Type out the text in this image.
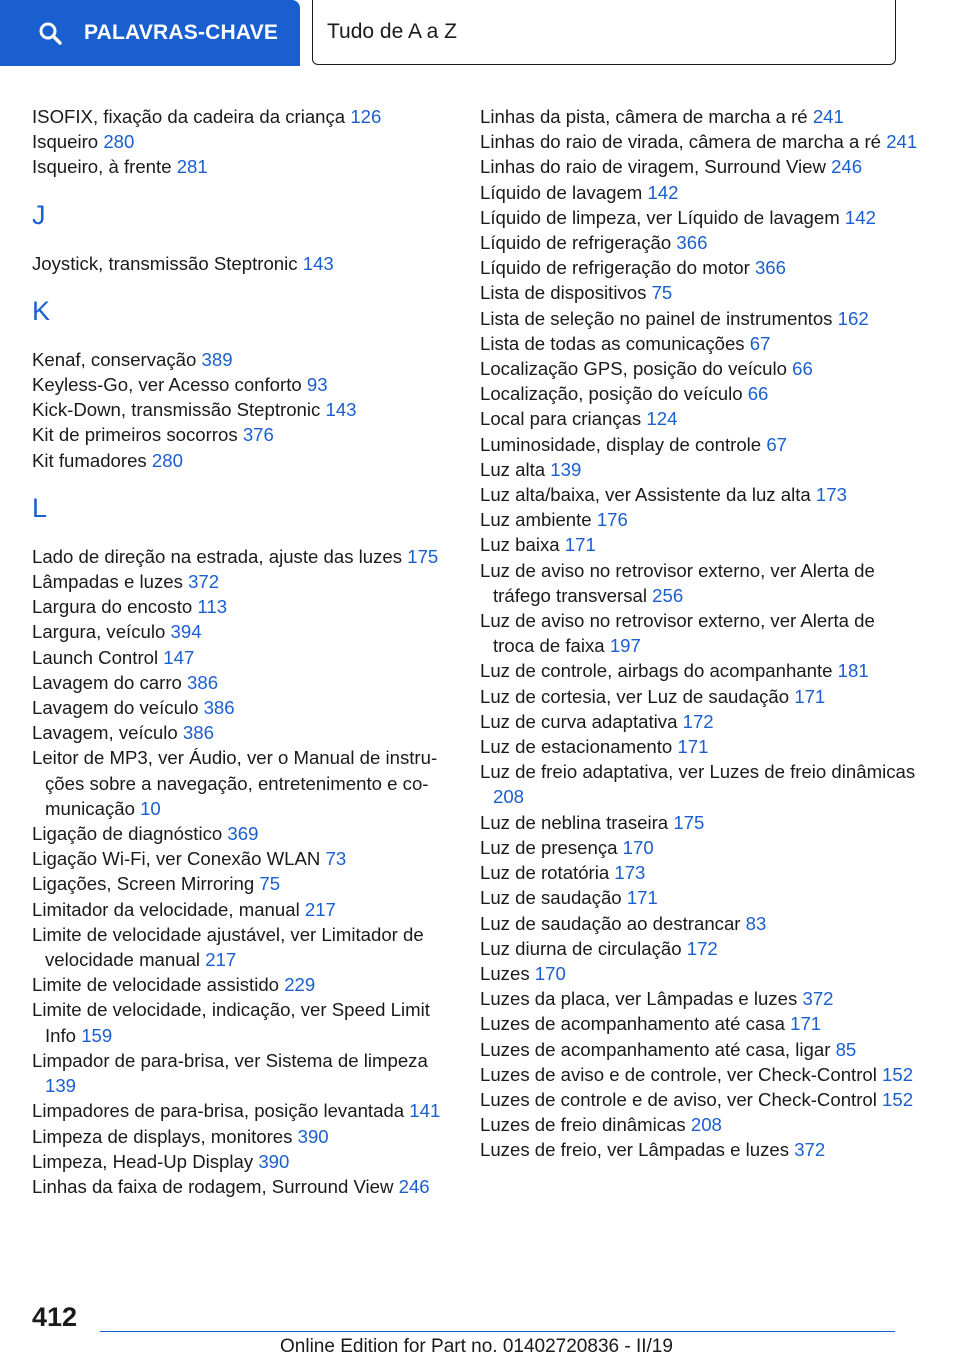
PALAVRAS-CHAVE Tudo de A a Z
ISOFIX, fixação da cadeira da criança 126
Isqueiro 280
Isqueiro, à frente 281
J
Joystick, transmissão Steptronic 143
K
Kenaf, conservação 389
Keyless-Go, ver Acesso conforto 93
Kick-Down, transmissão Steptronic 143
Kit de primeiros socorros 376
Kit fumadores 280
L
Lado de direção na estrada, ajuste das luzes 175
Lâmpadas e luzes 372
Largura do encosto 113
Largura, veículo 394
Launch Control 147
Lavagem do carro 386
Lavagem do veículo 386
Lavagem, veículo 386
Leitor de MP3, ver Áudio, ver o Manual de instruções sobre a navegação, entretenimento e comunicação 10
Ligação de diagnóstico 369
Ligação Wi-Fi, ver Conexão WLAN 73
Ligações, Screen Mirroring 75
Limitador da velocidade, manual 217
Limite de velocidade ajustável, ver Limitador de velocidade manual 217
Limite de velocidade assistido 229
Limite de velocidade, indicação, ver Speed Limit Info 159
Limpador de para-brisa, ver Sistema de limpeza 139
Limpadores de para-brisa, posição levantada 141
Limpeza de displays, monitores 390
Limpeza, Head-Up Display 390
Linhas da faixa de rodagem, Surround View 246
Linhas da pista, câmera de marcha a ré 241
Linhas do raio de virada, câmera de marcha a ré 241
Linhas do raio de viragem, Surround View 246
Líquido de lavagem 142
Líquido de limpeza, ver Líquido de lavagem 142
Líquido de refrigeração 366
Líquido de refrigeração do motor 366
Lista de dispositivos 75
Lista de seleção no painel de instrumentos 162
Lista de todas as comunicações 67
Localização GPS, posição do veículo 66
Localização, posição do veículo 66
Local para crianças 124
Luminosidade, display de controle 67
Luz alta 139
Luz alta/baixa, ver Assistente da luz alta 173
Luz ambiente 176
Luz baixa 171
Luz de aviso no retrovisor externo, ver Alerta de tráfego transversal 256
Luz de aviso no retrovisor externo, ver Alerta de troca de faixa 197
Luz de controle, airbags do acompanhante 181
Luz de cortesia, ver Luz de saudação 171
Luz de curva adaptativa 172
Luz de estacionamento 171
Luz de freio adaptativa, ver Luzes de freio dinâmicas 208
Luz de neblina traseira 175
Luz de presença 170
Luz de rotatória 173
Luz de saudação 171
Luz de saudação ao destrancar 83
Luz diurna de circulação 172
Luzes 170
Luzes da placa, ver Lâmpadas e luzes 372
Luzes de acompanhamento até casa 171
Luzes de acompanhamento até casa, ligar 85
Luzes de aviso e de controle, ver Check-Control 152
Luzes de controle e de aviso, ver Check-Control 152
Luzes de freio dinâmicas 208
Luzes de freio, ver Lâmpadas e luzes 372
412
Online Edition for Part no. 01402720836 - II/19
